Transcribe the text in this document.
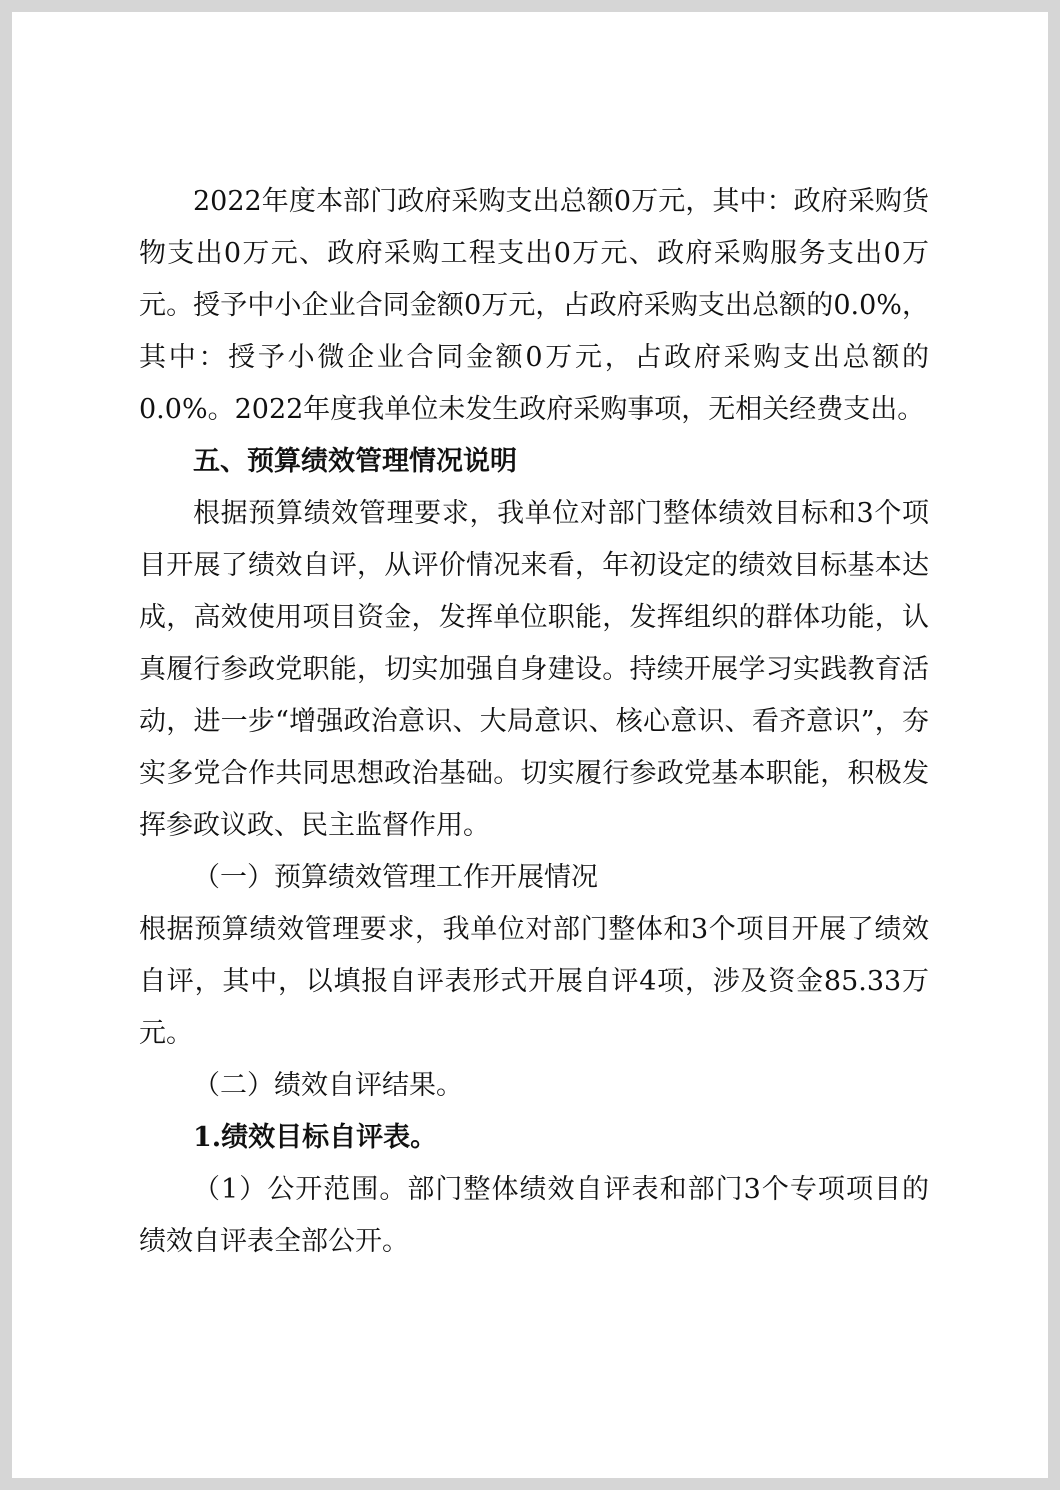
2022年度本部门政府采购支出总额0万元，其中：政府采购货物支出0万元、政府采购工程支出0万元、政府采购服务支出0万元。授予中小企业合同金额0万元，占政府采购支出总额的0.0%，其中：授予小微企业合同金额0万元，占政府采购支出总额的0.0%。2022年度我单位未发生政府采购事项，无相关经费支出。

五、预算绩效管理情况说明

根据预算绩效管理要求，我单位对部门整体绩效目标和3个项目开展了绩效自评，从评价情况来看，年初设定的绩效目标基本达成，高效使用项目资金，发挥单位职能，发挥组织的群体功能，认真履行参政党职能，切实加强自身建设。持续开展学习实践教育活动，进一步“增强政治意识、大局意识、核心意识、看齐意识”，夯实多党合作共同思想政治基础。切实履行参政党基本职能，积极发挥参政议政、民主监督作用。

（一）预算绩效管理工作开展情况

根据预算绩效管理要求，我单位对部门整体和3个项目开展了绩效自评，其中，以填报自评表形式开展自评4项，涉及资金85.33万元。

（二）绩效自评结果。

1.绩效目标自评表。

（1）公开范围。部门整体绩效自评表和部门3个专项项目的绩效自评表全部公开。
